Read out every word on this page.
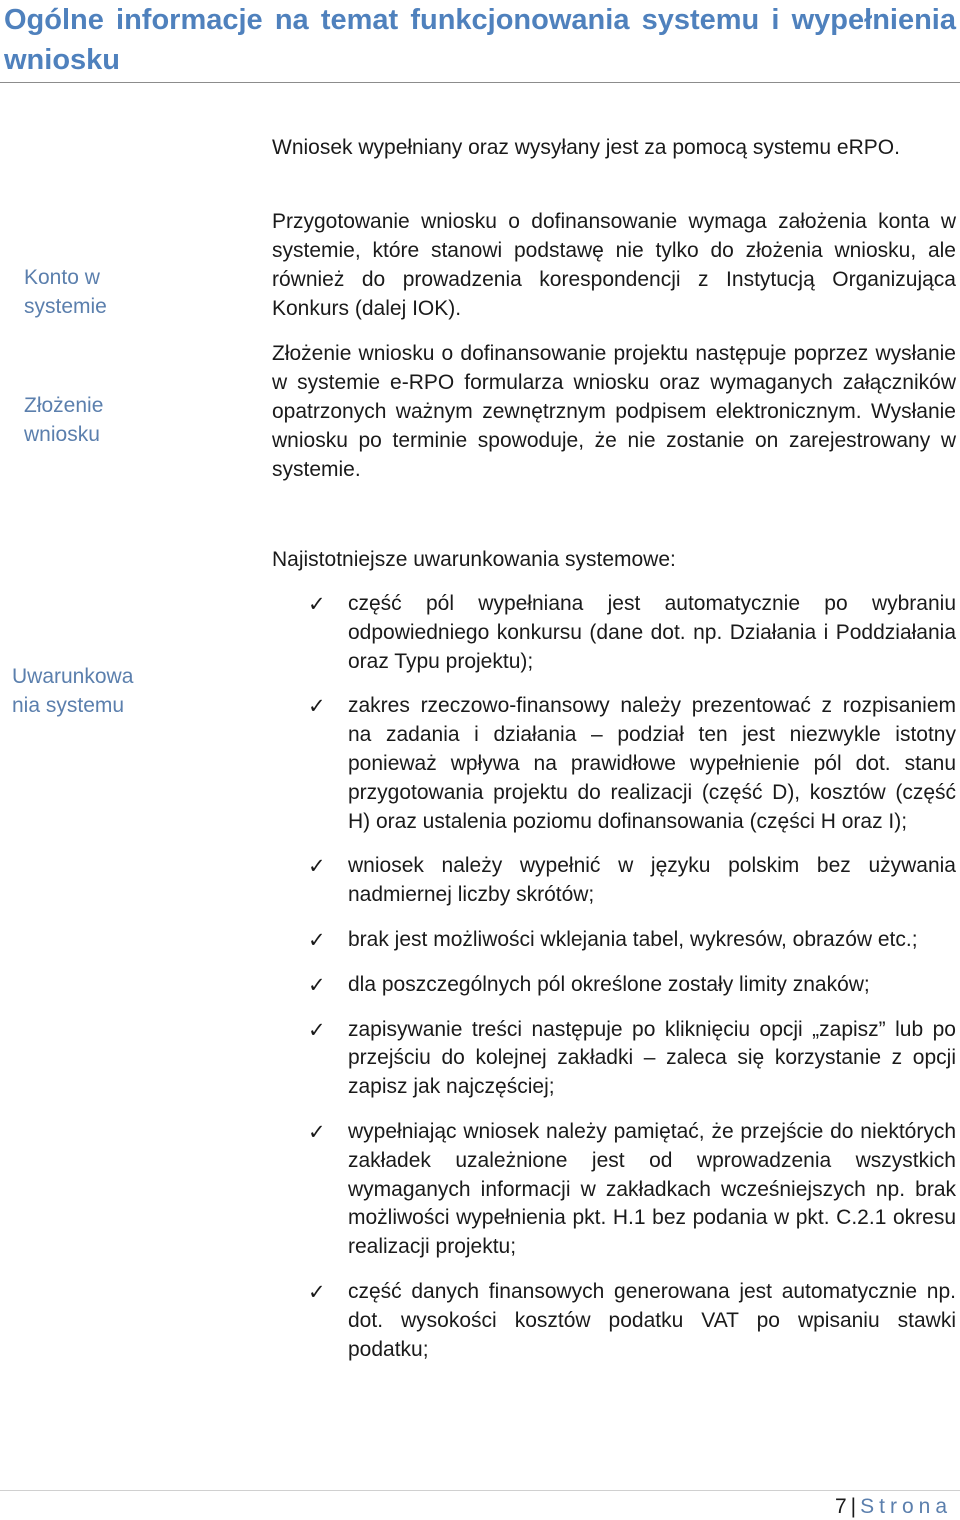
Ogólne informacje na temat funkcjonowania systemu i wypełnienia wniosku

Wniosek wypełniany oraz wysyłany jest za pomocą systemu eRPO.

Konto w systemie

Przygotowanie wniosku o dofinansowanie wymaga założenia konta w systemie, które stanowi podstawę nie tylko do złożenia wniosku, ale również do prowadzenia korespondencji z Instytucją Organizująca Konkurs (dalej IOK).

Złożenie wniosku

Złożenie wniosku o dofinansowanie projektu następuje poprzez wysłanie w systemie e-RPO formularza wniosku oraz wymaganych załączników opatrzonych ważnym zewnętrznym podpisem elektronicznym. Wysłanie wniosku po terminie spowoduje, że nie zostanie on zarejestrowany w systemie.

Najistotniejsze uwarunkowania systemowe:

Uwarunkowa nia systemu

✓ część pól wypełniana jest automatycznie po wybraniu odpowiedniego konkursu (dane dot. np. Działania i Poddziałania oraz Typu projektu);
✓ zakres rzeczowo-finansowy należy prezentować z rozpisaniem na zadania i działania – podział ten jest niezwykle istotny ponieważ wpływa na prawidłowe wypełnienie pól dot. stanu przygotowania projektu do realizacji (część D), kosztów (część H) oraz ustalenia poziomu dofinansowania (części H oraz I);
✓ wniosek należy wypełnić w języku polskim bez używania nadmiernej liczby skrótów;
✓ brak jest możliwości wklejania tabel, wykresów, obrazów etc.;
✓ dla poszczególnych pól określone zostały limity znaków;
✓ zapisywanie treści następuje po kliknięciu opcji „zapisz” lub po przejściu do kolejnej zakładki – zaleca się korzystanie z opcji zapisz jak najczęściej;
✓ wypełniając wniosek należy pamiętać, że przejście do niektórych zakładek uzależnione jest od wprowadzenia wszystkich wymaganych informacji w zakładkach wcześniejszych np. brak możliwości wypełnienia pkt. H.1 bez podania w pkt. C.2.1 okresu realizacji projektu;
✓ część danych finansowych generowana jest automatycznie np. dot. wysokości kosztów podatku VAT po wpisaniu stawki podatku;
7 | Strona
